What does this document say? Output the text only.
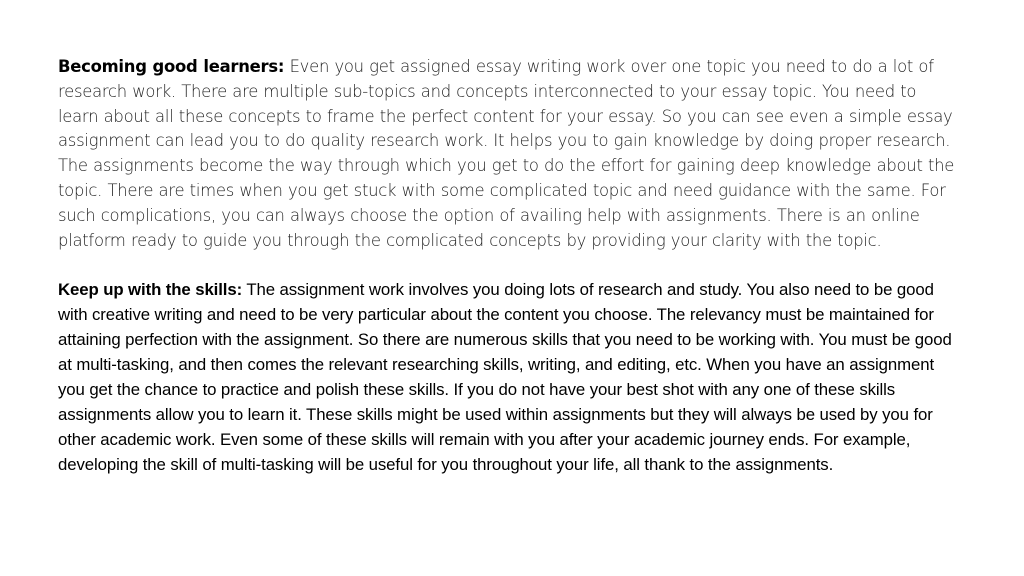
Becoming good learners: Even you get assigned essay writing work over one topic you need to do a lot of research work. There are multiple sub-topics and concepts interconnected to your essay topic. You need to learn about all these concepts to frame the perfect content for your essay. So you can see even a simple essay assignment can lead you to do quality research work. It helps you to gain knowledge by doing proper research. The assignments become the way through which you get to do the effort for gaining deep knowledge about the topic. There are times when you get stuck with some complicated topic and need guidance with the same. For such complications, you can always choose the option of availing help with assignments. There is an online platform ready to guide you through the complicated concepts by providing your clarity with the topic.

Keep up with the skills: The assignment work involves you doing lots of research and study. You also need to be good with creative writing and need to be very particular about the content you choose. The relevancy must be maintained for attaining perfection with the assignment. So there are numerous skills that you need to be working with. You must be good at multi-tasking, and then comes the relevant researching skills, writing, and editing, etc. When you have an assignment you get the chance to practice and polish these skills. If you do not have your best shot with any one of these skills assignments allow you to learn it. These skills might be used within assignments but they will always be used by you for other academic work. Even some of these skills will remain with you after your academic journey ends. For example, developing the skill of multi-tasking will be useful for you throughout your life, all thank to the assignments.
